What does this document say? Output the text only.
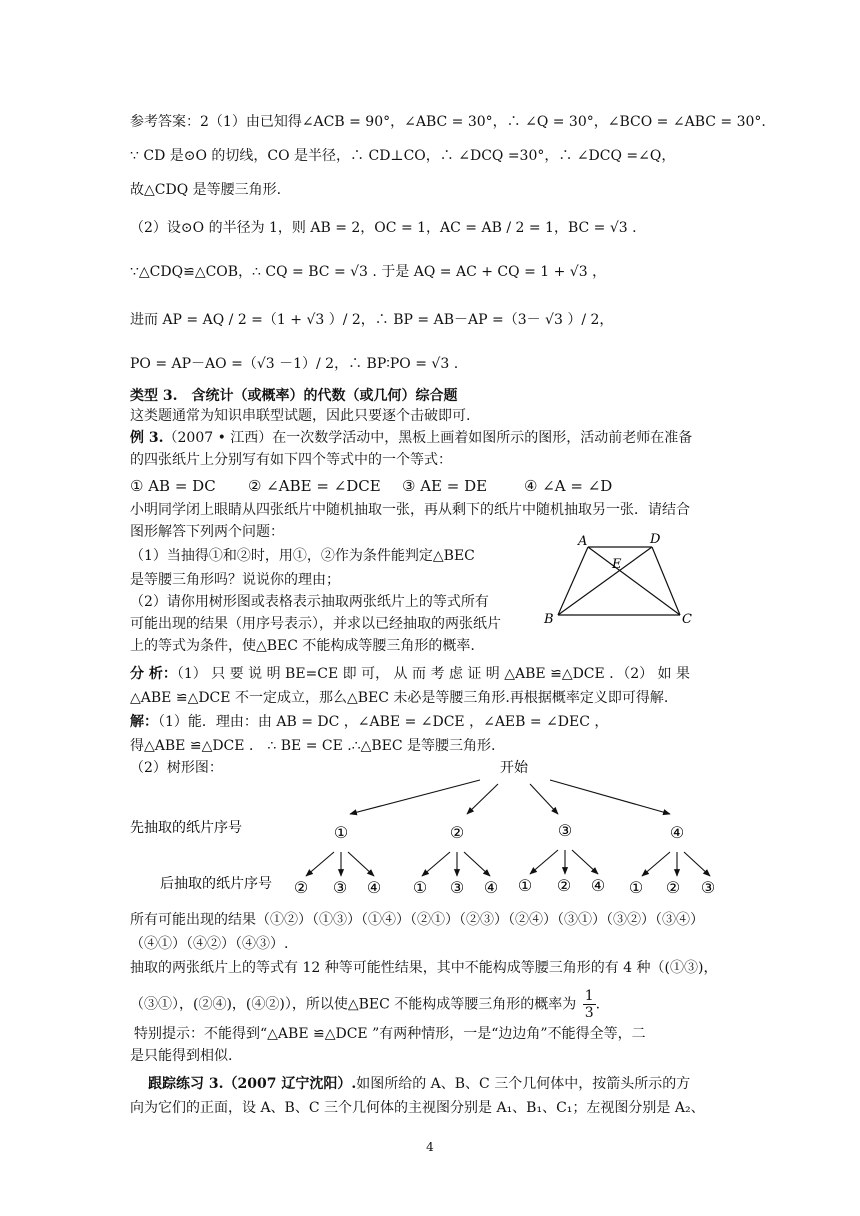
参考答案：2（1）由已知得∠ACB = 90°，∠ABC = 30°，∴ ∠Q = 30°，∠BCO = ∠ABC = 30°.
∵ CD 是⊙O 的切线，CO 是半径，∴ CD⊥CO，∴ ∠DCQ =30°，∴ ∠DCQ =∠Q，
故△CDQ 是等腰三角形.
（2）设⊙O 的半径为 1，则 AB = 2，OC = 1，AC = AB / 2 = 1，BC = √3 .
∵△CDQ≌△COB，∴ CQ = BC = √3 . 于是 AQ = AC + CQ = 1 + √3 ，
进而 AP = AQ / 2 =（1 + √3 ）/ 2，∴ BP = AB－AP =（3－ √3 ）/ 2，
PO = AP－AO =（√3 －1）/ 2，∴ BP∶PO = √3 .
类型 3.　含统计（或概率）的代数（或几何）综合题
这类题通常为知识串联型试题，因此只要逐个击破即可.
例 3.（2007 • 江西）在一次数学活动中，黑板上画着如图所示的图形，活动前老师在准备
的四张纸片上分别写有如下四个等式中的一个等式：
① AB = DC ② ∠ABE = ∠DCE ③ AE = DE ④ ∠A = ∠D
小明同学闭上眼睛从四张纸片中随机抽取一张，再从剩下的纸片中随机抽取另一张．请结合
图形解答下列两个问题：
（1）当抽得①和②时，用①，②作为条件能判定△BEC
是等腰三角形吗？说说你的理由；
（2）请你用树形图或表格表示抽取两张纸片上的等式所有
可能出现的结果（用序号表示），并求以已经抽取的两张纸片
上的等式为条件，使△BEC 不能构成等腰三角形的概率.
A	D
E
B	C
分 析：（1） 只 要 说 明 BE=CE 即 可， 从 而 考 虑 证 明 △ABE ≌△DCE ．（2） 如 果
△ABE ≌△DCE 不一定成立，那么△BEC 未必是等腰三角形.再根据概率定义即可得解.
解：（1）能．理由：由 AB = DC ，∠ABE = ∠DCE ，∠AEB = ∠DEC ，
得△ABE ≌△DCE ． ∴ BE = CE .∴△BEC 是等腰三角形.
（2）树形图：	开始
先抽取的纸片序号	①	②	③	④
后抽取的纸片序号 ② ③ ④ ① ③ ④ ① ② ④ ① ② ③
所有可能出现的结果（①②）（①③）（①④）（②①）（②③）（②④）（③①）（③②）（③④）
（④①）（④②）（④③）.
抽取的两张纸片上的等式有 12 种等可能性结果，其中不能构成等腰三角形的有 4 种（(①③)，
（③①），(②④)，(④②)），所以使△BEC 不能构成等腰三角形的概率为 $\frac{1}{3}$ .
特别提示：不能得到“△ABE ≌△DCE ”有两种情形，一是“边边角”不能得全等，二
是只能得到相似.
跟踪练习 3.（2007 辽宁沈阳）.如图所给的 A、B、C 三个几何体中，按箭头所示的方
向为它们的正面，设 A、B、C 三个几何体的主视图分别是 A₁、B₁、C₁；左视图分别是 A₂、
4
